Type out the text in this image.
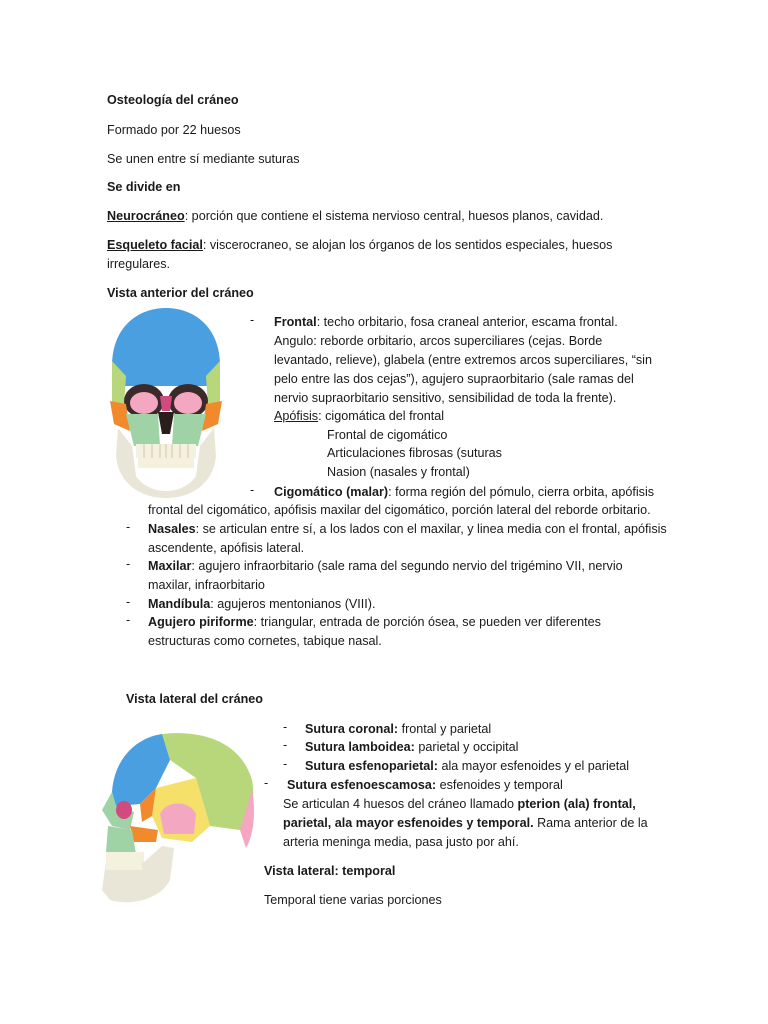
Osteología del cráneo
Formado por 22 huesos
Se unen entre sí mediante suturas
Se divide en
Neurocráneo: porción que contiene el sistema nervioso central, huesos planos, cavidad.
Esqueleto facial: viscerocraneo, se alojan los órganos de los sentidos especiales, huesos
irregulares.
Vista anterior del cráneo
- Frontal: techo orbitario, fosa craneal anterior, escama frontal.
Angulo: reborde orbitario, arcos superciliares (cejas. Borde
levantado, relieve), glabela (entre extremos arcos superciliares, “sin
pelo entre las dos cejas”), agujero supraorbitario (sale ramas del
nervio supraorbitario sensitivo, sensibilidad de toda la frente).
Apófisis: cigomática del frontal
Frontal de cigomático
Articulaciones fibrosas (suturas
Nasion (nasales y frontal)
- Cigomático (malar): forma región del pómulo, cierra orbita, apófisis
frontal del cigomático, apófisis maxilar del cigomático, porción lateral del reborde orbitario.
- Nasales: se articulan entre sí, a los lados con el maxilar, y linea media con el frontal, apófisis
ascendente, apófisis lateral.
- Maxilar: agujero infraorbitario (sale rama del segundo nervio del trigémino VII, nervio
maxilar, infraorbitario
- Mandíbula: agujeros mentonianos (VIII).
- Agujero piriforme: triangular, entrada de porción ósea, se pueden ver diferentes
estructuras como cornetes, tabique nasal.
Vista lateral del cráneo
- Sutura coronal: frontal y parietal
- Sutura lamboidea: parietal y occipital
- Sutura esfenoparietal: ala mayor esfenoides y el parietal
- Sutura esfenoescamosa: esfenoides y temporal
Se articulan 4 huesos del cráneo llamado pterion (ala) frontal,
parietal, ala mayor esfenoides y temporal. Rama anterior de la
arteria meninga media, pasa justo por ahí.
Vista lateral: temporal
Temporal tiene varias porciones
